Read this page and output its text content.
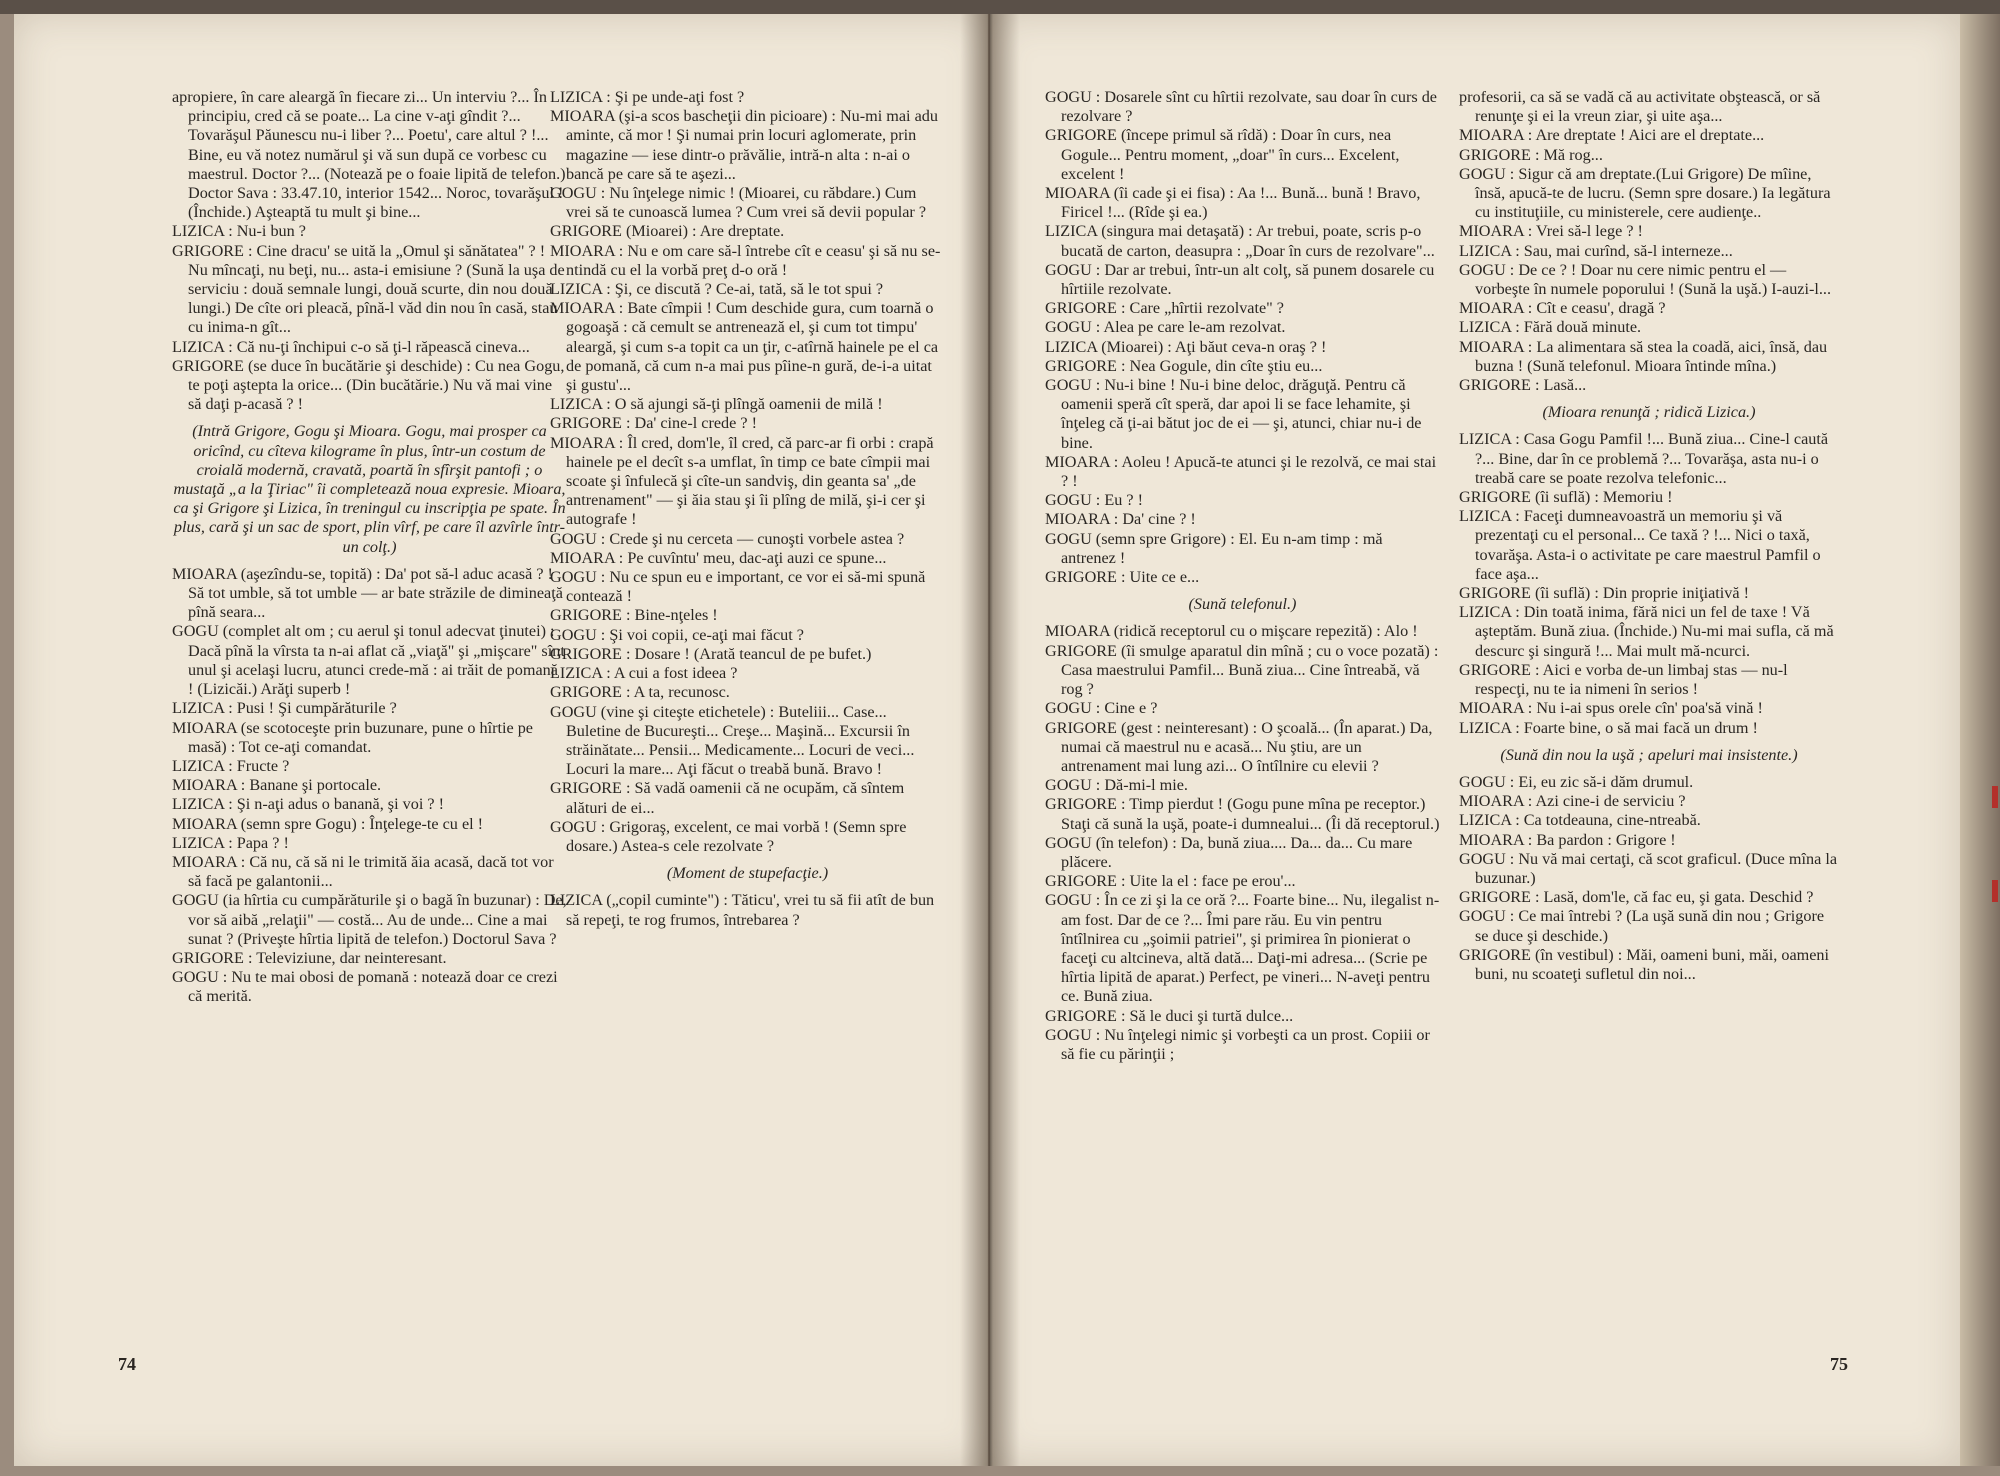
apropiere, în care aleargă în fiecare zi... Un interviu ?... În principiu, cred că se poate... La cine v-aţi gîndit ?... Tovarăşul Păunescu nu-i liber ?... Poetu', care altul ? !... Bine, eu vă notez numărul şi vă sun după ce vorbesc cu maestrul. Doctor ?... (Notează pe o foaie lipită de telefon.) Doctor Sava : 33.47.10, interior 1542... Noroc, tovarăşul ! (Închide.) Aşteaptă tu mult şi bine...

LIZICA : Nu-i bun ?

GRIGORE : Cine dracu' se uită la „Omul şi sănătatea" ? ! Nu mîncaţi, nu beţi, nu... asta-i emisiune ? (Sună la uşa de serviciu : două semnale lungi, două scurte, din nou două lungi.) De cîte ori pleacă, pînă-l văd din nou în casă, stau cu inima-n gît...

LIZICA : Că nu-ţi închipui c-o să ţi-l răpească cineva...

GRIGORE (se duce în bucătărie şi deschide) : Cu nea Gogu, te poţi aştepta la orice... (Din bucătărie.) Nu vă mai vine să daţi p-acasă ? !

(Intră Grigore, Gogu şi Mioara. Gogu, mai prosper ca oricînd, cu cîteva kilograme în plus, într-un costum de croială modernă, cravată, poartă în sfîrşit pantofi ; o mustaţă „a la Ţiriac" îi completează noua expresie. Mioara, ca şi Grigore şi Lizica, în treningul cu inscripţia pe spate. În plus, cară şi un sac de sport, plin vîrf, pe care îl azvîrle într-un colţ.)

MIOARA (aşezîndu-se, topită) : Da' pot să-l aduc acasă ? ! Să tot umble, să tot umble — ar bate străzile de dimineaţă pînă seara...

GOGU (complet alt om ; cu aerul şi tonul adecvat ţinutei) : Dacă pînă la vîrsta ta n-ai aflat că „viaţă" şi „mişcare" sînt unul şi acelaşi lucru, atunci crede-mă : ai trăit de pomană ! (Lizicăi.) Arăţi superb !

LIZICA : Pusi ! Şi cumpărăturile ?

MIOARA (se scotoceşte prin buzunare, pune o hîrtie pe masă) : Tot ce-aţi comandat.

LIZICA : Fructe ?

MIOARA : Banane şi portocale.

LIZICA : Şi n-aţi adus o banană, şi voi ? !

MIOARA (semn spre Gogu) : Înţelege-te cu el !

LIZICA : Papa ? !

MIOARA : Că nu, că să ni le trimită ăia acasă, dacă tot vor să facă pe galantonii...

GOGU (ia hîrtia cu cumpărăturile şi o bagă în buzunar) : De, vor să aibă „relaţii" — costă... Au de unde... Cine a mai sunat ? (Priveşte hîrtia lipită de telefon.) Doctorul Sava ?

GRIGORE : Televiziune, dar neinteresant.

GOGU : Nu te mai obosi de pomană : notează doar ce crezi că merită.

LIZICA : Şi pe unde-aţi fost ?

MIOARA (şi-a scos bascheţii din picioare) : Nu-mi mai adu aminte, că mor ! Şi numai prin locuri aglomerate, prin magazine — iese dintr-o prăvălie, intră-n alta : n-ai o bancă pe care să te aşezi...

GOGU : Nu înţelege nimic ! (Mioarei, cu răbdare.) Cum vrei să te cunoască lumea ? Cum vrei să devii popular ?

GRIGORE (Mioarei) : Are dreptate.

MIOARA : Nu e om care să-l întrebe cît e ceasu' şi să nu se-ntindă cu el la vorbă preţ d-o oră !

LIZICA : Şi, ce discută ? Ce-ai, tată, să le tot spui ?

MIOARA : Bate cîmpii ! Cum deschide gura, cum toarnă o gogoaşă : că cemult se antrenează el, şi cum tot timpu' aleargă, şi cum s-a topit ca un ţir, c-atîrnă hainele pe el ca de pomană, că cum n-a mai pus pîine-n gură, de-i-a uitat şi gustu'...

LIZICA : O să ajungi să-ţi plîngă oamenii de milă !

GRIGORE : Da' cine-l crede ? !

MIOARA : Îl cred, dom'le, îl cred, că parc-ar fi orbi : crapă hainele pe el decît s-a umflat, în timp ce bate cîmpii mai scoate şi înfulecă şi cîte-un sandviş, din geanta sa' „de antrenament" — şi ăia stau şi îi plîng de milă, şi-i cer şi autografe !

GOGU : Crede şi nu cerceta — cunoşti vorbele astea ?

MIOARA : Pe cuvîntu' meu, dac-aţi auzi ce spune...

GOGU : Nu ce spun eu e important, ce vor ei să-mi spună contează !

GRIGORE : Bine-nţeles !

GOGU : Şi voi copii, ce-aţi mai făcut ?

GRIGORE : Dosare ! (Arată teancul de pe bufet.)

LIZICA : A cui a fost ideea ?

GRIGORE : A ta, recunosc.

GOGU (vine şi citeşte etichetele) : Buteliii... Case... Buletine de Bucureşti... Creşe... Maşină... Excursii în străinătate... Pensii... Medicamente... Locuri de veci... Locuri la mare... Aţi făcut o treabă bună. Bravo !

GRIGORE : Să vadă oamenii că ne ocupăm, că sîntem alături de ei...

GOGU : Grigoraş, excelent, ce mai vorbă ! (Semn spre dosare.) Astea-s cele rezolvate ?

(Moment de stupefacţie.)

LIZICA („copil cuminte") : Tăticu', vrei tu să fii atît de bun să repeţi, te rog frumos, întrebarea ?

GOGU : Dosarele sînt cu hîrtii rezolvate, sau doar în curs de rezolvare ?

GRIGORE (începe primul să rîdă) : Doar în curs, nea Gogule... Pentru moment, „doar" în curs... Excelent, excelent !

MIOARA (îi cade şi ei fisa) : Aa !... Bună... bună ! Bravo, Firicel !... (Rîde şi ea.)

LIZICA (singura mai detaşată) : Ar trebui, poate, scris p-o bucată de carton, deasupra : „Doar în curs de rezolvare"...

GOGU : Dar ar trebui, într-un alt colţ, să punem dosarele cu hîrtiile rezolvate.

GRIGORE : Care „hîrtii rezolvate" ?

GOGU : Alea pe care le-am rezolvat.

LIZICA (Mioarei) : Aţi băut ceva-n oraş ? !

GRIGORE : Nea Gogule, din cîte ştiu eu...

GOGU : Nu-i bine ! Nu-i bine deloc, drăguţă. Pentru că oamenii speră cît speră, dar apoi li se face lehamite, şi înţeleg că ţi-ai bătut joc de ei — şi, atunci, chiar nu-i de bine.

MIOARA : Aoleu ! Apucă-te atunci şi le rezolvă, ce mai stai ? !

GOGU : Eu ? !

MIOARA : Da' cine ? !

GOGU (semn spre Grigore) : El. Eu n-am timp : mă antrenez !

GRIGORE : Uite ce e...

(Sună telefonul.)

MIOARA (ridică receptorul cu o mişcare repezită) : Alo !

GRIGORE (îi smulge aparatul din mînă ; cu o voce pozată) : Casa maestrului Pamfil... Bună ziua... Cine întreabă, vă rog ?

GOGU : Cine e ?

GRIGORE (gest : neinteresant) : O şcoală... (În aparat.) Da, numai că maestrul nu e acasă... Nu ştiu, are un antrenament mai lung azi... O întîlnire cu elevii ?

GOGU : Dă-mi-l mie.

GRIGORE : Timp pierdut ! (Gogu pune mîna pe receptor.) Staţi că sună la uşă, poate-i dumnealui... (Îi dă receptorul.)

GOGU (în telefon) : Da, bună ziua.... Da... da... Cu mare plăcere.

GRIGORE : Uite la el : face pe erou'...

GOGU : În ce zi şi la ce oră ?... Foarte bine... Nu, ilegalist n-am fost. Dar de ce ?... Îmi pare rău. Eu vin pentru întîlnirea cu „şoimii patriei", şi primirea în pionierat o faceţi cu altcineva, altă dată... Daţi-mi adresa... (Scrie pe hîrtia lipită de aparat.) Perfect, pe vineri... N-aveţi pentru ce. Bună ziua.

GRIGORE : Să le duci şi turtă dulce...

GOGU : Nu înţelegi nimic şi vorbeşti ca un prost. Copiii or să fie cu părinţii ;

profesorii, ca să se vadă că au activitate obştească, or să renunţe şi ei la vreun ziar, şi uite aşa...

MIOARA : Are dreptate ! Aici are el dreptate...

GRIGORE : Mă rog...

GOGU : Sigur că am dreptate.(Lui Grigore) De mîine, însă, apucă-te de lucru. (Semn spre dosare.) Ia legătura cu instituţiile, cu ministerele, cere audienţe..

MIOARA : Vrei să-l lege ? !

LIZICA : Sau, mai curînd, să-l interneze...

GOGU : De ce ? ! Doar nu cere nimic pentru el — vorbeşte în numele poporului ! (Sună la uşă.) I-auzi-l...

MIOARA : Cît e ceasu', dragă ?

LIZICA : Fără două minute.

MIOARA : La alimentara să stea la coadă, aici, însă, dau buzna ! (Sună telefonul. Mioara întinde mîna.)

GRIGORE : Lasă...

(Mioara renunţă ; ridică Lizica.)

LIZICA : Casa Gogu Pamfil !... Bună ziua... Cine-l caută ?... Bine, dar în ce problemă ?... Tovarăşa, asta nu-i o treabă care se poate rezolva telefonic...

GRIGORE (îi suflă) : Memoriu !

LIZICA : Faceţi dumneavoastră un memoriu şi vă prezentaţi cu el personal... Ce taxă ? !... Nici o taxă, tovarăşa. Asta-i o activitate pe care maestrul Pamfil o face aşa...

GRIGORE (îi suflă) : Din proprie iniţiativă !

LIZICA : Din toată inima, fără nici un fel de taxe ! Vă aşteptăm. Bună ziua. (Închide.) Nu-mi mai sufla, că mă descurc şi singură !... Mai mult mă-ncurci.

GRIGORE : Aici e vorba de-un limbaj stas — nu-l respecţi, nu te ia nimeni în serios !

MIOARA : Nu i-ai spus orele cîn' poa'să vină !

LIZICA : Foarte bine, o să mai facă un drum !

(Sună din nou la uşă ; apeluri mai insistente.)

GOGU : Ei, eu zic să-i dăm drumul.

MIOARA : Azi cine-i de serviciu ?

LIZICA : Ca totdeauna, cine-ntreabă.

MIOARA : Ba pardon : Grigore !

GOGU : Nu vă mai certaţi, că scot graficul. (Duce mîna la buzunar.)

GRIGORE : Lasă, dom'le, că fac eu, şi gata. Deschid ?

GOGU : Ce mai întrebi ? (La uşă sună din nou ; Grigore se duce şi deschide.)

GRIGORE (în vestibul) : Măi, oameni buni, măi, oameni buni, nu scoateţi sufletul din noi...

74	75
